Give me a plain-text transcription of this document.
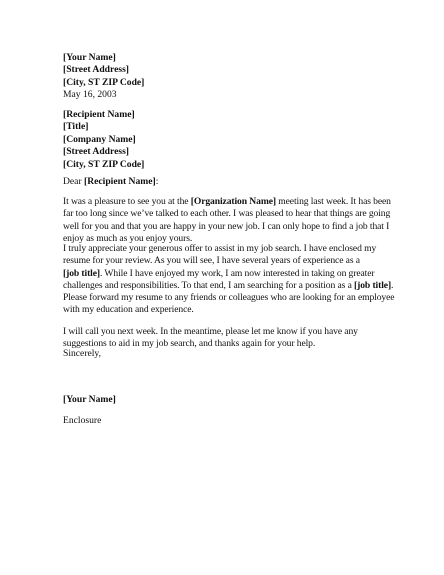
[Your Name]
[Street Address]
[City, ST ZIP Code]
May 16, 2003
[Recipient Name]
[Title]
[Company Name]
[Street Address]
[City, ST ZIP Code]
Dear [Recipient Name]:
It was a pleasure to see you at the [Organization Name] meeting last week. It has been
far too long since we’ve talked to each other. I was pleased to hear that things are going
well for you and that you are happy in your new job. I can only hope to find a job that I
enjoy as much as you enjoy yours.
I truly appreciate your generous offer to assist in my job search. I have enclosed my
resume for your review. As you will see, I have several years of experience as a
[job title]. While I have enjoyed my work, I am now interested in taking on greater
challenges and responsibilities. To that end, I am searching for a position as a [job title].
Please forward my resume to any friends or colleagues who are looking for an employee
with my education and experience.
I will call you next week. In the meantime, please let me know if you have any
suggestions to aid in my job search, and thanks again for your help.
Sincerely,
[Your Name]
Enclosure
